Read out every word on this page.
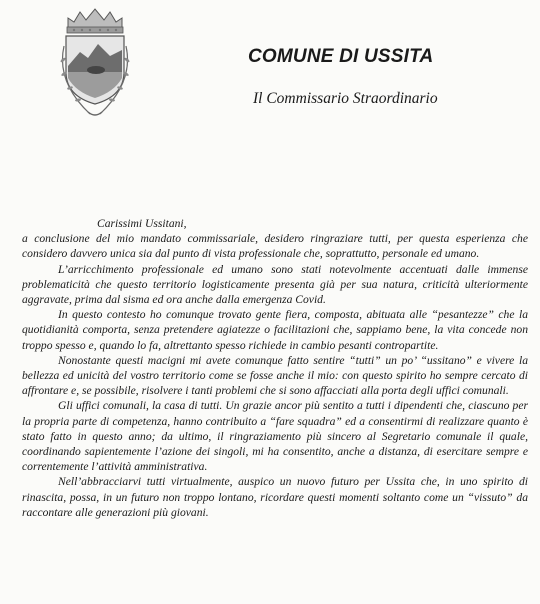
COMUNE DI USSITA
Il Commissario Straordinario
Carissimi Ussitani,

a conclusione del mio mandato commissariale, desidero ringraziare tutti, per questa esperienza che considero davvero unica sia dal punto di vista professionale che, soprattutto, personale ed umano.

L’arricchimento professionale ed umano sono stati notevolmente accentuati dalle immense problematicità che questo territorio logisticamente presenta già per sua natura, criticità ulteriormente aggravate, prima dal sisma ed ora anche dalla emergenza Covid.

In questo contesto ho comunque trovato gente fiera, composta, abituata alle “pesantezze” che la quotidianità comporta, senza pretendere agiatezze o facilitazioni che, sappiamo bene, la vita concede non troppo spesso e, quando lo fa, altrettanto spesso richiede in cambio pesanti contropartite.

Nonostante questi macigni mi avete comunque fatto sentire “tutti” un po’ “ussitano” e vivere la bellezza ed unicità del vostro territorio come se fosse anche il mio: con questo spirito ho sempre cercato di affrontare e, se possibile, risolvere i tanti problemi che si sono affacciati alla porta degli uffici comunali.

Gli uffici comunali, la casa di tutti. Un grazie ancor più sentito a tutti i dipendenti che, ciascuno per la propria parte di competenza, hanno contribuito a “fare squadra” ed a consentirmi di realizzare quanto è stato fatto in questo anno; da ultimo, il ringraziamento più sincero al Segretario comunale il quale, coordinando sapientemente l’azione dei singoli, mi ha consentito, anche a distanza, di esercitare sempre e correntemente l’attività amministrativa.

Nell’abbracciarvi tutti virtualmente, auspico un nuovo futuro per Ussita che, in uno spirito di rinascita, possa, in un futuro non troppo lontano, ricordare questi momenti soltanto come un “vissuto” da raccontare alle generazioni più giovani.
